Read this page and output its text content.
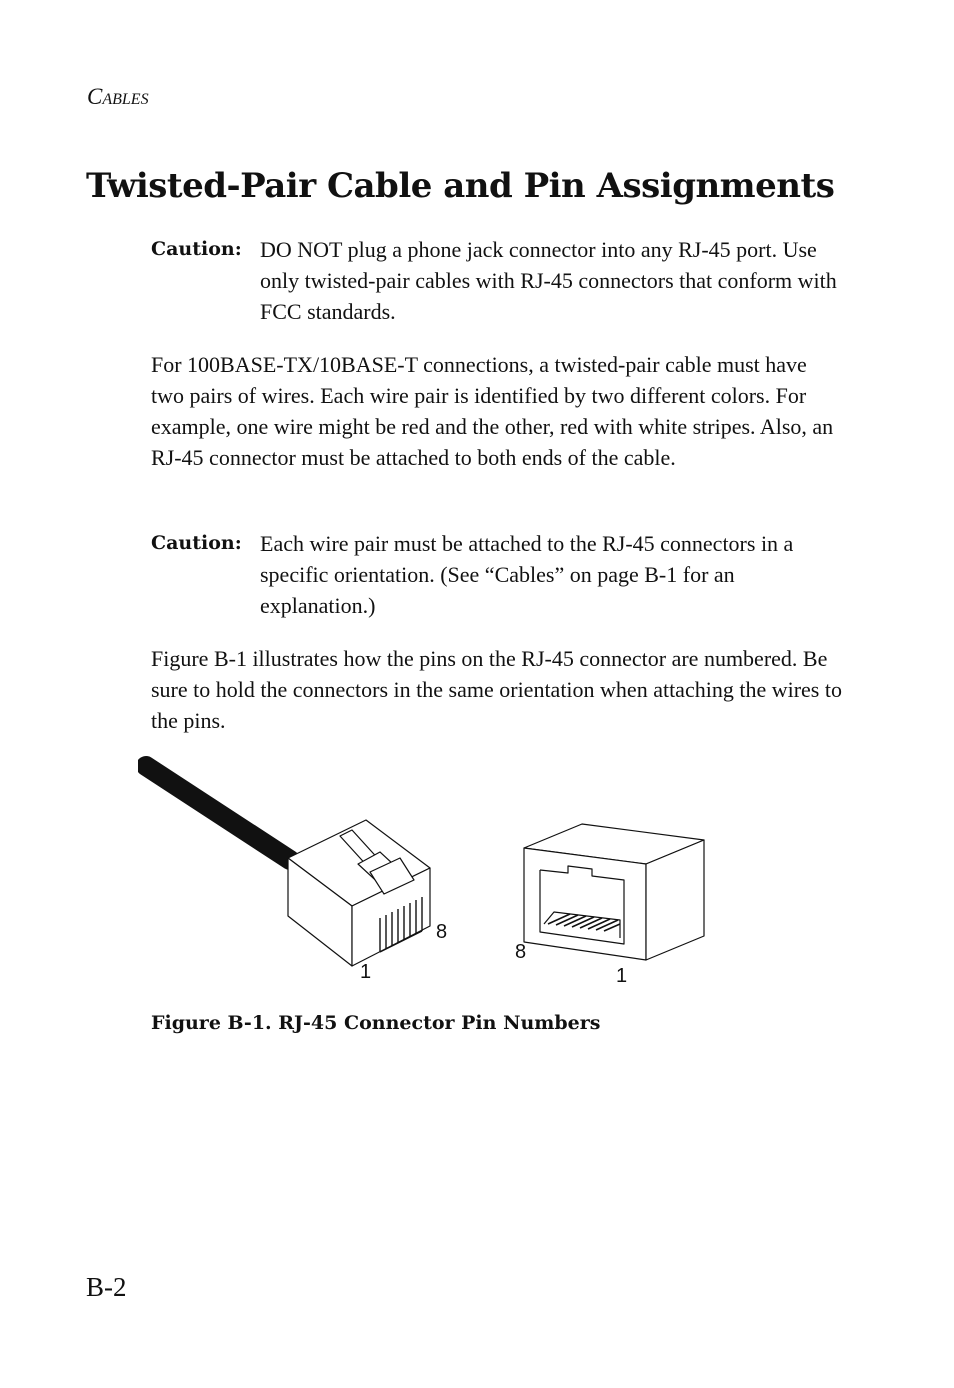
CABLES
Twisted-Pair Cable and Pin Assignments
Caution: DO NOT plug a phone jack connector into any RJ-45 port. Use only twisted-pair cables with RJ-45 connectors that conform with FCC standards.

For 100BASE-TX/10BASE-T connections, a twisted-pair cable must have two pairs of wires. Each wire pair is identified by two different colors. For example, one wire might be red and the other, red with white stripes. Also, an RJ-45 connector must be attached to both ends of the cable.

Caution: Each wire pair must be attached to the RJ-45 connectors in a specific orientation. (See “Cables” on page B-1 for an explanation.)

Figure B-1 illustrates how the pins on the RJ-45 connector are numbered. Be sure to hold the connectors in the same orientation when attaching the wires to the pins.

1
8
8
1
Figure B-1. RJ-45 Connector Pin Numbers
B-2
